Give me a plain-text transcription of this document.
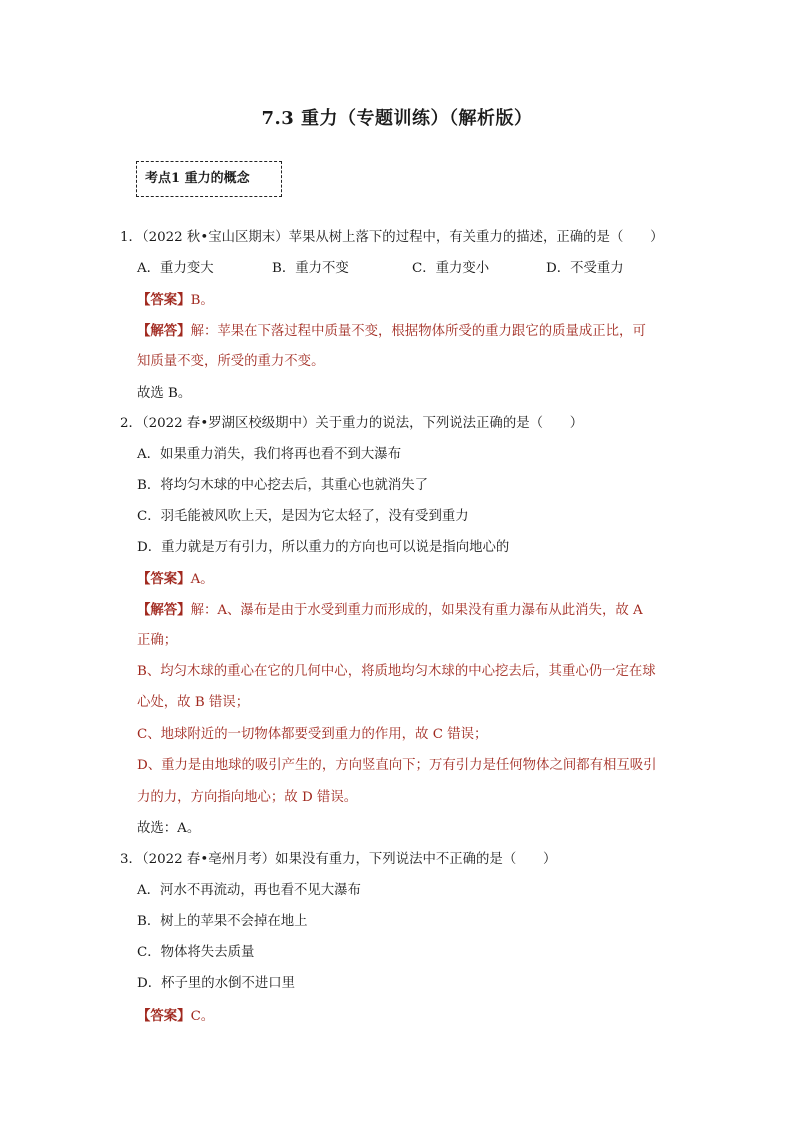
7.3 重力（专题训练）（解析版）
考点1 重力的概念
1．（2022 秋•宝山区期末）苹果从树上落下的过程中，有关重力的描述，正确的是（　　）
A．重力变大	B．重力不变	C．重力变小	D．不受重力
【答案】B。
【解答】解：苹果在下落过程中质量不变，根据物体所受的重力跟它的质量成正比，可
知质量不变，所受的重力不变。
故选 B。
2．（2022 春•罗湖区校级期中）关于重力的说法，下列说法正确的是（　　）
A．如果重力消失，我们将再也看不到大瀑布
B．将均匀木球的中心挖去后，其重心也就消失了
C．羽毛能被风吹上天，是因为它太轻了，没有受到重力
D．重力就是万有引力，所以重力的方向也可以说是指向地心的
【答案】A。
【解答】解：A、瀑布是由于水受到重力而形成的，如果没有重力瀑布从此消失，故 A
正确；
B、均匀木球的重心在它的几何中心，将质地均匀木球的中心挖去后，其重心仍一定在球
心处，故 B 错误；
C、地球附近的一切物体都要受到重力的作用，故 C 错误；
D、重力是由地球的吸引产生的，方向竖直向下；万有引力是任何物体之间都有相互吸引
力的力，方向指向地心；故 D 错误。
故选：A。
3．（2022 春•亳州月考）如果没有重力，下列说法中不正确的是（　　）
A．河水不再流动，再也看不见大瀑布
B．树上的苹果不会掉在地上
C．物体将失去质量
D．杯子里的水倒不进口里
【答案】C。
